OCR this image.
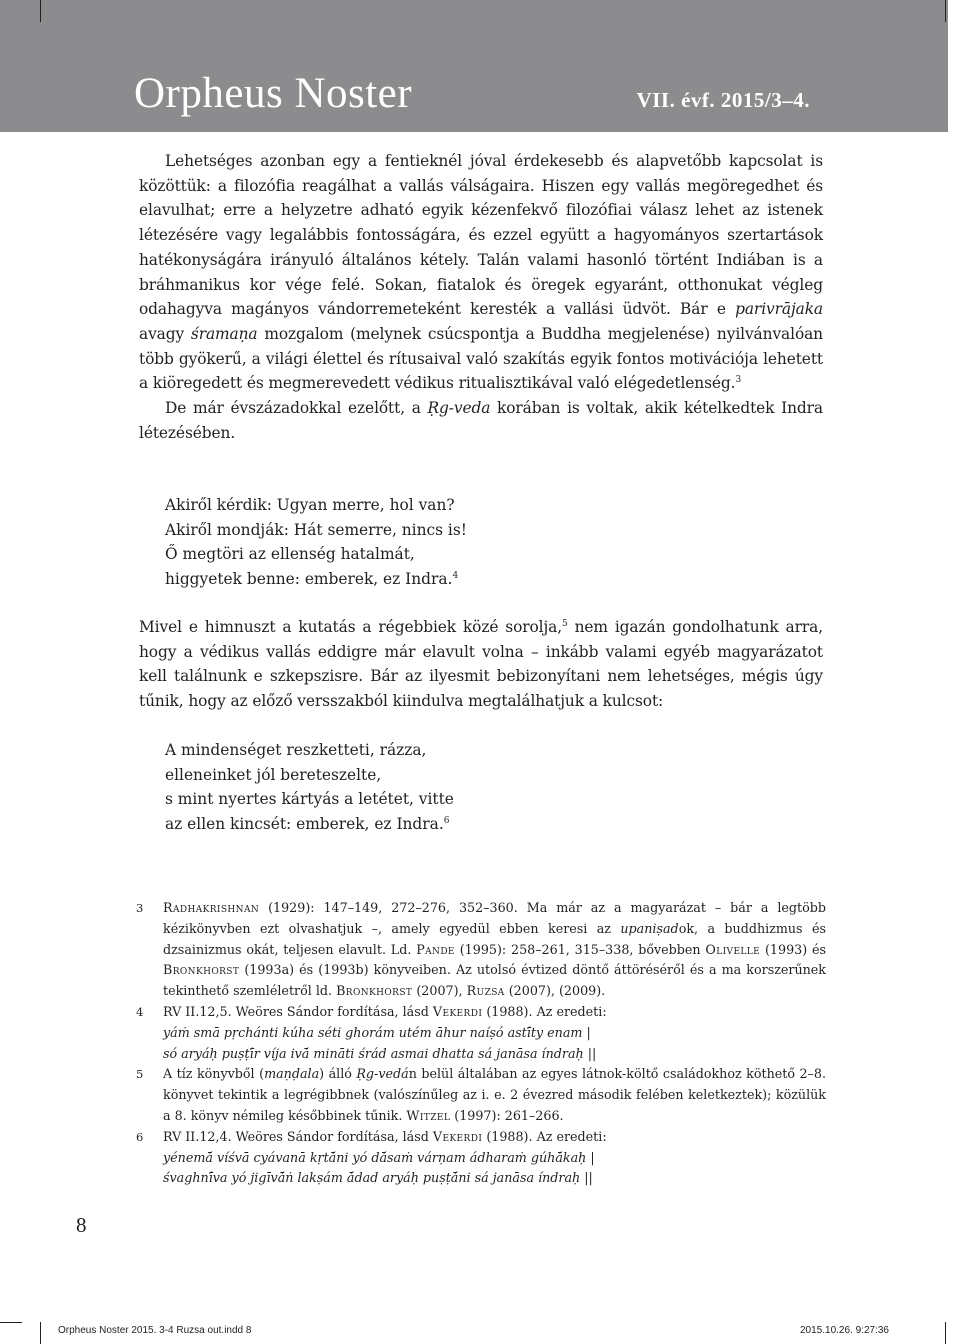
Orpheus Noster	VII. évf. 2015/3–4.

Lehetséges azonban egy a fentieknél jóval érdekesebb és alapvetőbb kapcsolat is közöttük: a filozófia reagálhat a vallás válságaira. Hiszen egy vallás megöregedhet és elavulhat; erre a helyzetre adható egyik kézenfekvő filozófiai válasz lehet az istenek létezésére vagy legalábbis fontosságára, és ezzel együtt a hagyományos szertartások hatékonyságára irányuló általános kétely. Talán valami hasonló történt Indiában is a bráhmanikus kor vége felé. Sokan, fiatalok és öregek egyaránt, otthonukat végleg odahagyva magányos vándorremeteként keresték a vallási üdvöt. Bár e parivrājaka avagy śramaṇa mozgalom (melynek csúcspontja a Buddha megjelenése) nyilvánvalóan több gyökerű, a világi élettel és rítusaival való szakítás egyik fontos motivációja lehetett a kiöregedett és megmerevedett védikus ritualisztikával való elégedetlenség.$^3$

De már évszázadokkal ezelőtt, a Ṛg-veda korában is voltak, akik kételkedtek Indra létezésében.

Akiről kérdik: Ugyan merre, hol van?
Akiről mondják: Hát semerre, nincs is!
Ő megtöri az ellenség hatalmát,
higgyetek benne: emberek, ez Indra.$^4$

Mivel e himnuszt a kutatás a régebbiek közé sorolja,$^5$ nem igazán gondolhatunk arra, hogy a védikus vallás eddigre már elavult volna – inkább valami egyéb magyarázatot kell találnunk e szkepszisre. Bár az ilyesmit bebizonyítani nem lehetséges, mégis úgy tűnik, hogy az előző versszakból kiindulva megtalálhatjuk a kulcsot:

A mindenséget reszketteti, rázza,
elleneinket jól bereteszelte,
s mint nyertes kártyás a letétet, vitte
az ellen kincsét: emberek, ez Indra.$^6$
3 Radhakrishnan (1929): 147–149, 272–276, 352–360. Ma már az a magyarázat – bár a legtöbb kézikönyvben ezt olvashatjuk –, amely egyedül ebben keresi az upaniṣadok, a buddhizmus és dzsainizmus okát, teljesen elavult. Ld. Pande (1995): 258–261, 315–338, bővebben Olivelle (1993) és Bronkhorst (1993a) és (1993b) könyveiben. Az utolsó évtized döntő áttöréséről és a ma korszerűnek tekinthető szemléletről ld. Bronkhorst (2007), Ruzsa (2007), (2009).
4 RV II.12,5. Weöres Sándor fordítása, lásd Vekerdi (1988). Az eredeti:
yáṁ smā pṛchánti kúha séti ghorám utém āhur naíṣó astī́ty enam |
só aryáḥ puṣṭī́r víja ivā́ mināti śrád asmai dhatta sá janāsa índraḥ ||
5 A tíz könyvből (maṇḍala) álló Ṛg-vedán belül általában az egyes látnok-költő családokhoz köthető 2–8. könyvet tekintik a legrégibbnek (valószínűleg az i. e. 2 évezred második felében keletkeztek); közülük a 8. könyv némileg későbbinek tűnik. Witzel (1997): 261–266.
6 RV II.12,4. Weöres Sándor fordítása, lásd Vekerdi (1988). Az eredeti:
yénemā́ víśvā cyávanā kṛtā́ni yó dā́saṁ várṇam ádharaṁ gúhā́kaḥ |
śvaghnī́va yó jigīvā́ṅ lakṣám ā́dad aryáḥ puṣṭā́ni sá janāsa índraḥ ||
8
Orpheus Noster 2015. 3-4 Ruzsa out.indd 8	2015.10.26. 9:27:36
